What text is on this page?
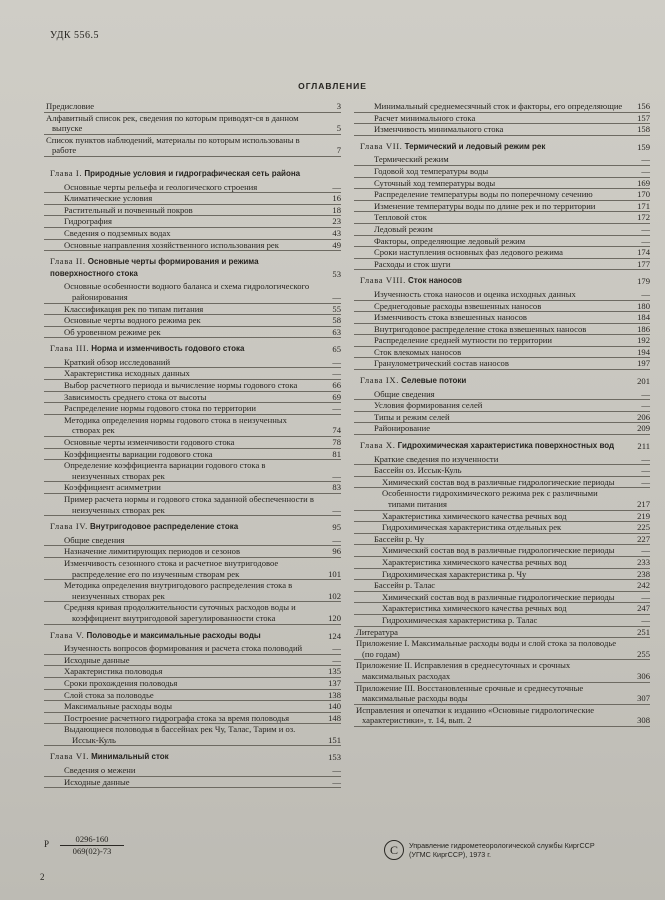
УДК 556.5
ОГЛАВЛЕНИЕ
Предисловие	3
Алфавитный список рек, сведения по которым приводят-ся в данном выпуске	5
Список пунктов наблюдений, материалы по которым использованы в работе	7
Глава I. Природные условия и гидрографическая сеть района
Основные черты рельефа и геологического строения	—
Климатические условия	16
Растительный и почвенный покров	18
Гидрография	23
Сведения о подземных водах	43
Основные направления хозяйственного использования рек	49
Глава II. Основные черты формирования и режима поверхностного стока	53
Основные особенности водного баланса и схема гидрологического районирования	—
Классификация рек по типам питания	55
Основные черты водного режима рек	58
Об уровенном режиме рек	63
Глава III. Норма и изменчивость годового стока	65
Краткий обзор исследований	—
Характеристика исходных данных	—
Выбор расчетного периода и вычисление нормы годового стока	66
Зависимость среднего стока от высоты	69
Распределение нормы годового стока по территории	—
Методика определения нормы годового стока в неизученных створах рек	74
Основные черты изменчивости годового стока	78
Коэффициенты вариации годового стока	81
Определение коэффициента вариации годового стока в неизученных створах рек	—
Коэффициент асимметрии	83
Пример расчета нормы и годового стока заданной обеспеченности в неизученных створах рек	—
Глава IV. Внутригодовое распределение стока	95
Общие сведения	—
Назначение лимитирующих периодов и сезонов	96
Изменчивость сезонного стока и расчетное внутригодовое распределение его по изученным створам рек	101
Методика определения внутригодового распределения стока в неизученных створах рек	102
Средняя кривая продолжительности суточных расходов воды и коэффициент внутригодовой зарегулированности стока	120
Глава V. Половодье и максимальные расходы воды	124
Изученность вопросов формирования и расчета стока половодий	—
Исходные данные	—
Характеристика половодья	135
Сроки прохождения половодья	137
Слой стока за половодье	138
Максимальные расходы воды	140
Построение расчетного гидрографа стока за время половодья	148
Выдающиеся половодья в бассейнах рек Чу, Талас, Тарим и оз. Иссык-Куль	151
Глава VI. Минимальный сток	153
Сведения о межени	—
Исходные данные	—
Минимальный среднемесячный сток и факторы, его определяющие	156
Расчет минимального стока	157
Изменчивость минимального стока	158
Глава VII. Термический и ледовый режим рек	159
Термический режим	—
Годовой ход температуры воды	—
Суточный ход температуры воды	169
Распределение температуры воды по поперечному сечению	170
Изменение температуры воды по длине рек и по территории	171
Тепловой сток	172
Ледовый режим	—
Факторы, определяющие ледовый режим	—
Сроки наступления основных фаз ледового режима	174
Расходы и сток шуги	177
Глава VIII. Сток наносов	179
Изученность стока наносов и оценка исходных данных	—
Среднегодовые расходы взвешенных наносов	180
Изменчивость стока взвешенных наносов	184
Внутригодовое распределение стока взвешенных наносов	186
Распределение средней мутности по территории	192
Сток влекомых наносов	194
Гранулометрический состав наносов	197
Глава IX. Селевые потоки	201
Общие сведения	—
Условия формирования селей	—
Типы и режим селей	206
Районирование	209
Глава X. Гидрохимическая характеристика поверхностных вод	211
Краткие сведения по изученности	—
Бассейн оз. Иссык-Куль	—
Химический состав вод в различные гидрологические периоды	—
Особенности гидрохимического режима рек с различными типами питания	217
Характеристика химического качества речных вод	219
Гидрохимическая характеристика отдельных рек	225
Бассейн р. Чу	227
Химический состав вод в различные гидрологические периоды	—
Характеристика химического качества речных вод	233
Гидрохимическая характеристика р. Чу	238
Бассейн р. Талас	242
Химический состав вод в различные гидрологические периоды	—
Характеристика химического качества речных вод	247
Гидрохимическая характеристика р. Талас	—
Литература	251
Приложение I. Максимальные расходы воды и слой стока за половодье (по годам)	255
Приложение II. Исправления в среднесуточных и срочных максимальных расходах	306
Приложение III. Восстановленные срочные и среднесуточные максимальные расходы воды	307
Исправления и опечатки к изданию «Основные гидрологические характеристики», т. 14, вып. 2	308
Р $\frac{0296-160}{069(02)-73}$
2
С	Управление гидрометеорологической службы КиргССР
(УГМС КиргССР), 1973 г.
